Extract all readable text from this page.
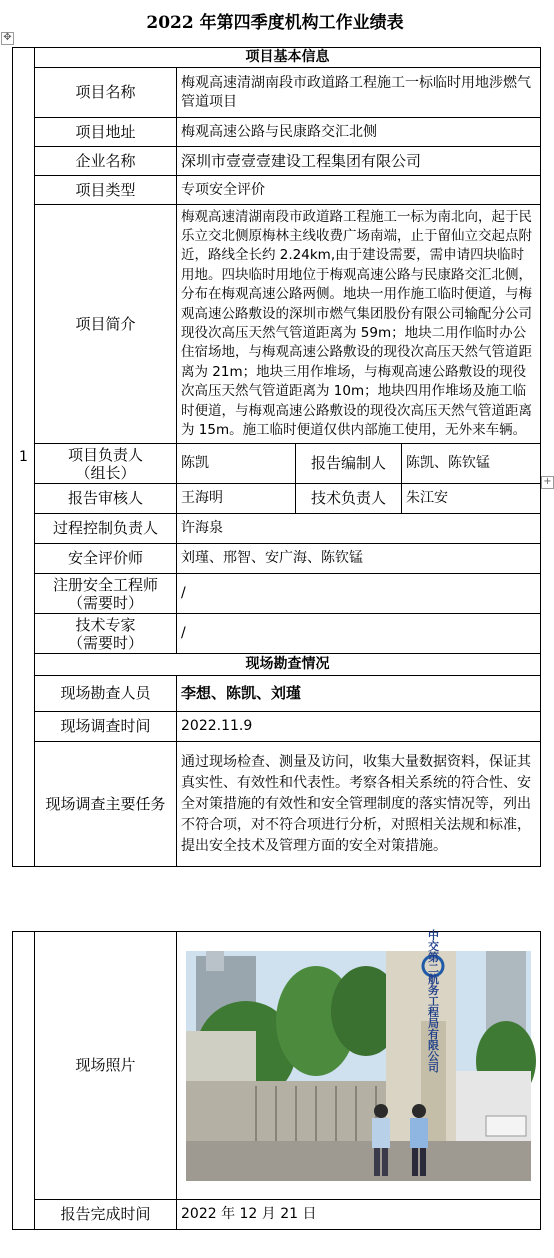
2022 年第四季度机构工作业绩表
✥
+
1	项目基本信息			
	项目名称	梅观高速清湖南段市政道路工程施工一标临时用地涉燃气管道项目		
	项目地址	梅观高速公路与民康路交汇北侧		
	企业名称	深圳市壹壹壹建设工程集团有限公司		
	项目类型	专项安全评价		
	项目简介	梅观高速清湖南段市政道路工程施工一标为南北向，起于民乐立交北侧原梅林主线收费广场南端，止于留仙立交起点附近，路线全长约 2.24km,由于建设需要，需申请四块临时用地。四块临时用地位于梅观高速公路与民康路交汇北侧，分布在梅观高速公路两侧。地块一用作施工临时便道，与梅观高速公路敷设的深圳市燃气集团股份有限公司输配分公司现役次高压天然气管道距离为 59m；地块二用作临时办公住宿场地，与梅观高速公路敷设的现役次高压天然气管道距离为 21m；地块三用作堆场，与梅观高速公路敷设的现役次高压天然气管道距离为 10m；地块四用作堆场及施工临时便道，与梅观高速公路敷设的现役次高压天然气管道距离为 15m。施工临时便道仅供内部施工使用，无外来车辆。		

	项目负责人
（组长）	陈凯	报告编制人	陈凯、陈钦锰
	报告审核人	王海明	技术负责人	朱江安
	过程控制负责人	许海泉		
	安全评价师	刘瑾、邢智、安广海、陈钦锰		

	注册安全工程师
（需要时）	/		

	技术专家
（需要时）	/		
	现场勘查情况			
	现场勘查人员	李想、陈凯、刘瑾		
	现场调查时间	2022.11.9		
	现场调查主要任务	通过现场检查、测量及访问，收集大量数据资料，保证其真实性、有效性和代表性。考察各相关系统的符合性、安全对策措施的有效性和安全管理制度的落实情况等，列出不符合项，对不符合项进行分析，对照相关法规和标准，提出安全技术及管理方面的安全对策措施。		
	现场照片	中交第二航务工程局有限公司

	报告完成时间	2022 年 12 月 21 日
